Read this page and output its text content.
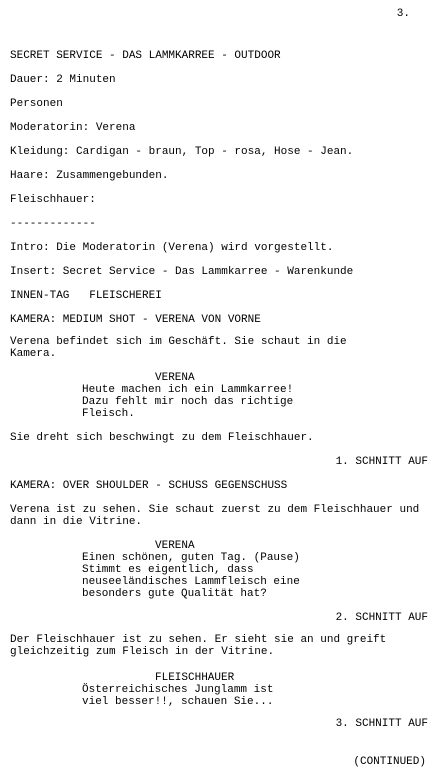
3.
SECRET SERVICE - DAS LAMMKARREE - OUTDOOR
Dauer: 2 Minuten
Personen
Moderatorin: Verena
Kleidung: Cardigan - braun, Top - rosa, Hose - Jean.
Haare: Zusammengebunden.
Fleischhauer:
-------------
Intro: Die Moderatorin (Verena) wird vorgestellt.
Insert: Secret Service - Das Lammkarree - Warenkunde
INNEN-TAG   FLEISCHEREI
KAMERA: MEDIUM SHOT - VERENA VON VORNE
Verena befindet sich im Geschäft. Sie schaut in die Kamera.
VERENA
Heute machen ich ein Lammkarree! Dazu fehlt mir noch das richtige Fleisch.
Sie dreht sich beschwingt zu dem Fleischhauer.
1. SCHNITT AUF
KAMERA: OVER SHOULDER - SCHUSS GEGENSCHUSS
Verena ist zu sehen. Sie schaut zuerst zu dem Fleischhauer und dann in die Vitrine.
VERENA
Einen schönen, guten Tag. (Pause) Stimmt es eigentlich, dass neuseeländisches Lammfleisch eine besonders gute Qualität hat?
2. SCHNITT AUF
Der Fleischhauer ist zu sehen. Er sieht sie an und greift gleichzeitig zum Fleisch in der Vitrine.
FLEISCHHAUER
Österreichisches Junglamm ist viel besser!!, schauen Sie...
3. SCHNITT AUF
(CONTINUED)
